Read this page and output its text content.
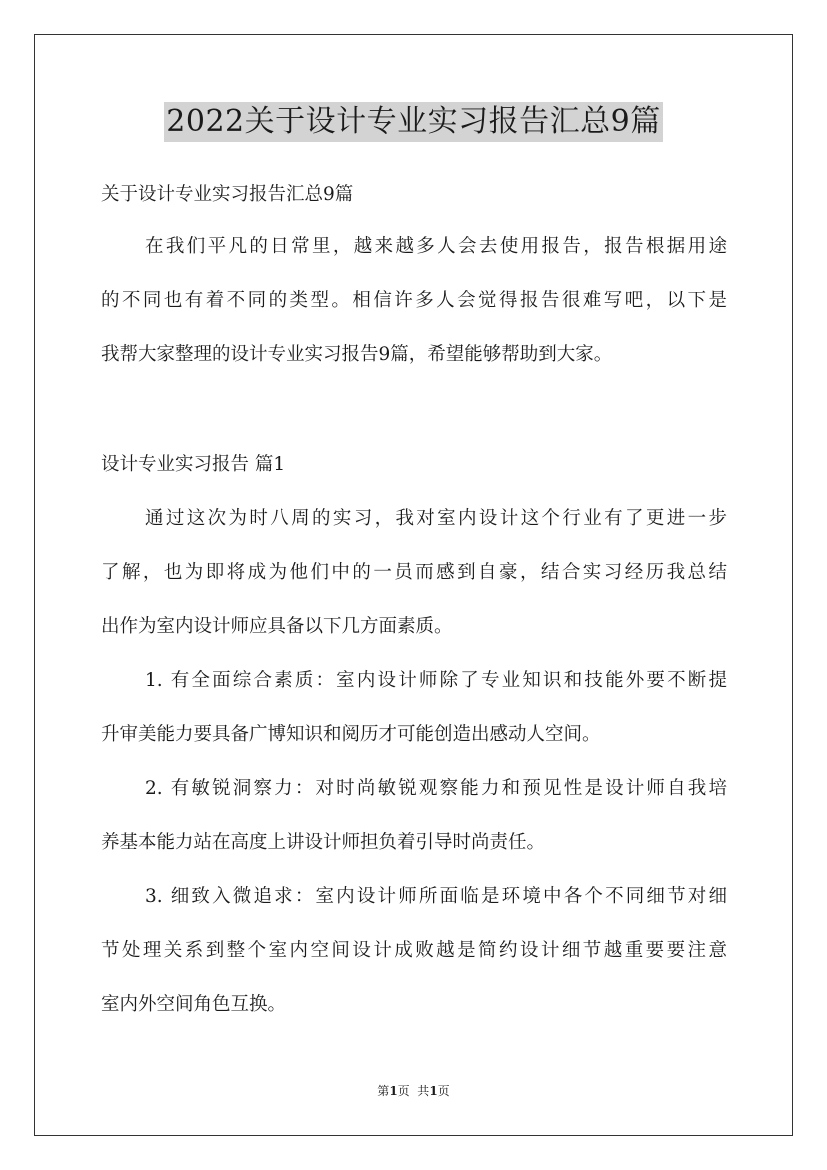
2022关于设计专业实习报告汇总9篇
关于设计专业实习报告汇总9篇
在我们平凡的日常里，越来越多人会去使用报告，报告根据用途
的不同也有着不同的类型。相信许多人会觉得报告很难写吧，以下是
我帮大家整理的设计专业实习报告9篇，希望能够帮助到大家。
设计专业实习报告 篇1
通过这次为时八周的实习，我对室内设计这个行业有了更进一步
了解，也为即将成为他们中的一员而感到自豪，结合实习经历我总结
出作为室内设计师应具备以下几方面素质。
1. 有全面综合素质：室内设计师除了专业知识和技能外要不断提
升审美能力要具备广博知识和阅历才可能创造出感动人空间。
2. 有敏锐洞察力：对时尚敏锐观察能力和预见性是设计师自我培
养基本能力站在高度上讲设计师担负着引导时尚责任。
3. 细致入微追求：室内设计师所面临是环境中各个不同细节对细
节处理关系到整个室内空间设计成败越是简约设计细节越重要要注意
室内外空间角色互换。
第1页  共1页
